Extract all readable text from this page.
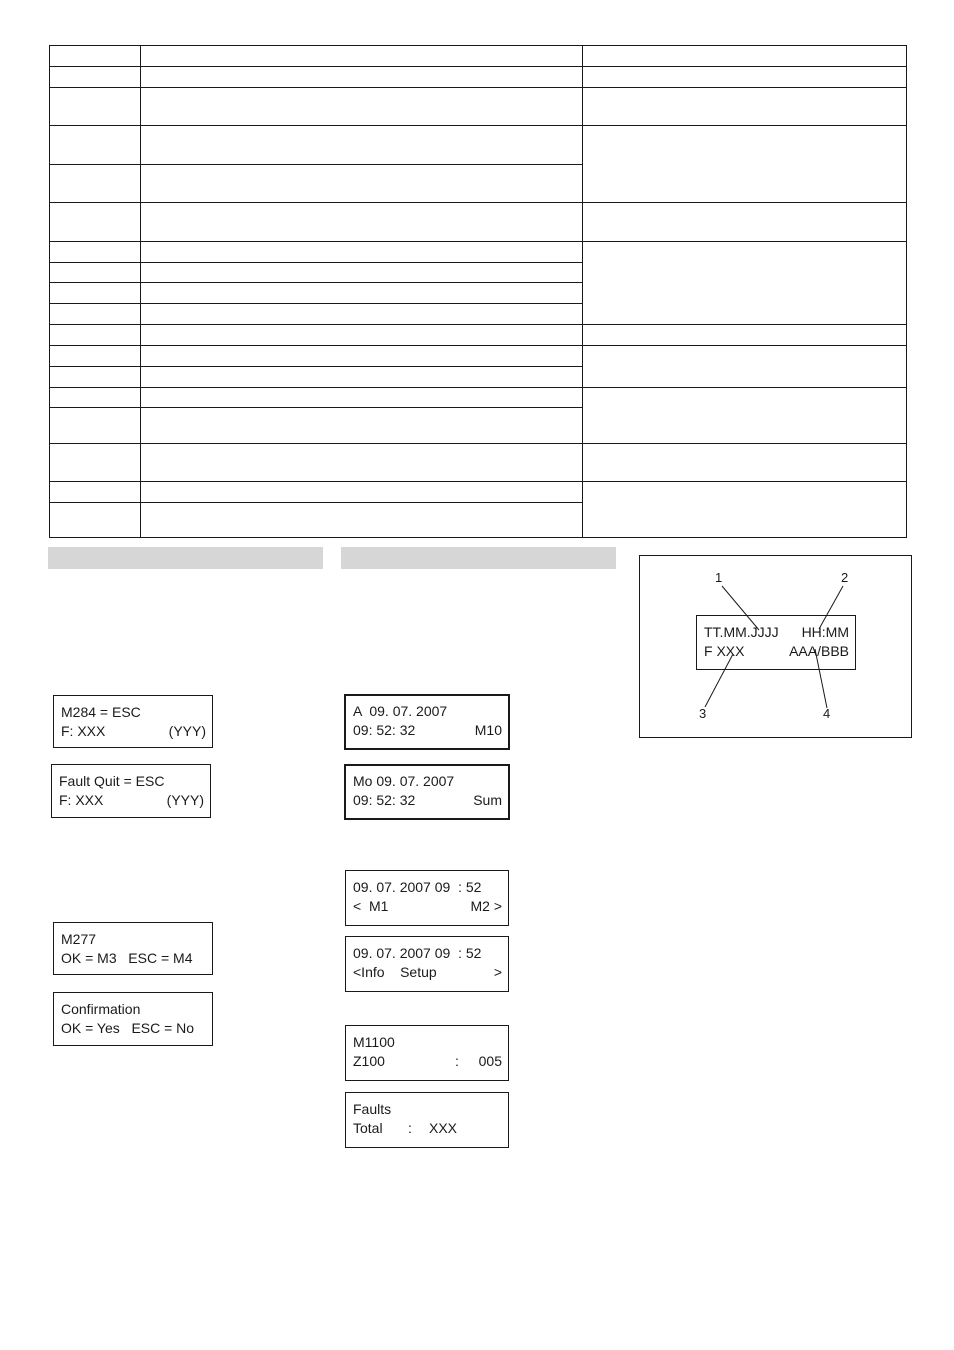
M284 = ESC
F: XXX	(YYY)
Fault Quit = ESC
F: XXX	(YYY)
M277
OK = M3   ESC = M4
Confirmation
OK = Yes   ESC = No
A  09. 07. 2007
09: 52: 32	M10
Mo 09. 07. 2007
09: 52: 32	Sum
09. 07. 2007 09  : 52
<  M1	M2 >
09. 07. 2007 09  : 52
<Info    Setup	>
M1100
Z100	: 005
Faults
Total : XXX
1	2
3	4
TT.MM.JJJJ HH:MM
F XXX	AAA/BBB
